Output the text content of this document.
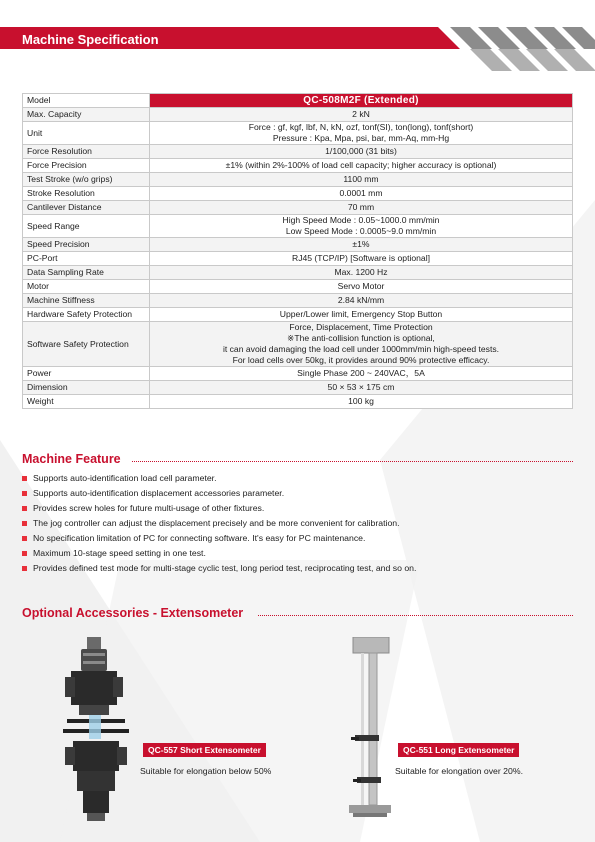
Machine Specification
Model	QC-508M2F (Extended)
Max. Capacity	2 kN
Unit	Force : gf, kgf, lbf, N, kN, ozf, tonf(SI), ton(long), tonf(short)
Pressure : Kpa, Mpa, psi, bar, mm-Aq, mm-Hg

Force Resolution	1/100,000 (31 bits)
Force Precision	±1% (within 2%-100% of load cell capacity; higher accuracy is optional)
Test Stroke (w/o grips)	1100 mm
Stroke Resolution	0.0001 mm
Cantilever Distance	70 mm
Speed Range	High Speed Mode : 0.05~1000.0 mm/min
Low Speed Mode : 0.0005~9.0 mm/min

Speed Precision	±1%
PC-Port	RJ45 (TCP/IP) [Software is optional]
Data Sampling Rate	Max. 1200 Hz
Motor	Servo Motor
Machine Stiffness	2.84 kN/mm
Hardware Safety Protection	Upper/Lower limit, Emergency Stop Button
Software Safety Protection	Force, Displacement, Time Protection
※The anti-collision function is optional,
it can avoid damaging the load cell under 1000mm/min high-speed tests.
For load cells over 50kg, it provides around 90% protective efficacy.

Power	Single Phase 200 ~ 240VAC，5A
Dimension	50 × 53 × 175 cm
Weight	100 kg
Machine Feature
Supports auto-identification load cell parameter.
Supports auto-identification displacement accessories parameter.
Provides screw holes for future multi-usage of other fixtures.
The jog controller can adjust the displacement precisely and be more convenient for calibration.
No specification limitation of PC for connecting software. It's easy for PC maintenance.
Maximum 10-stage speed setting in one test.
Provides defined test mode for multi-stage cyclic test, long period test, reciprocating test, and so on.
Optional Accessories - Extensometer
QC-557 Short Extensometer
Suitable for elongation below 50%
QC-551 Long Extensometer
Suitable for elongation over 20%.
